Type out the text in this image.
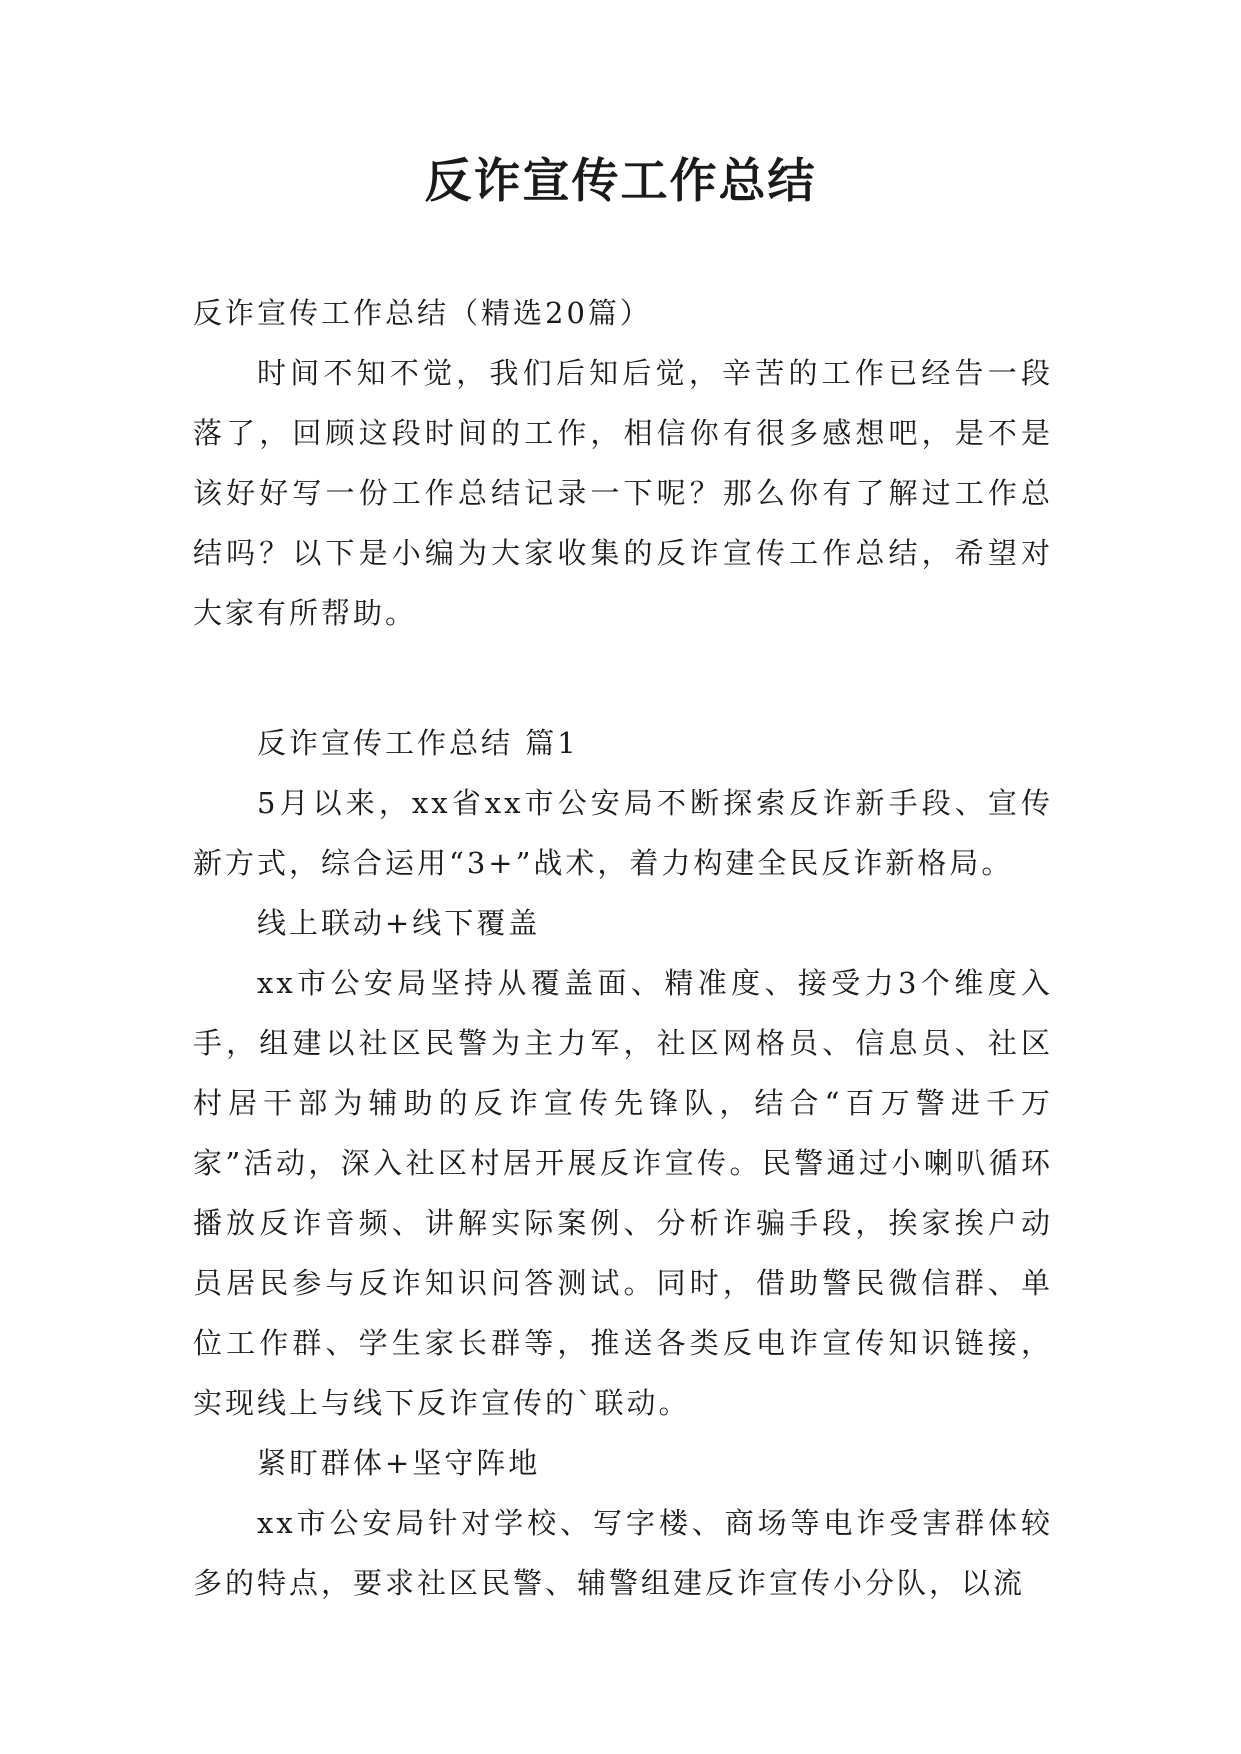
反诈宣传工作总结

反诈宣传工作总结（精选20篇）

时间不知不觉，我们后知后觉，辛苦的工作已经告一段落了，回顾这段时间的工作，相信你有很多感想吧，是不是该好好写一份工作总结记录一下呢？那么你有了解过工作总结吗？以下是小编为大家收集的反诈宣传工作总结，希望对大家有所帮助。

反诈宣传工作总结 篇1

5月以来，xx省xx市公安局不断探索反诈新手段、宣传新方式，综合运用“3+”战术，着力构建全民反诈新格局。

线上联动+线下覆盖

xx市公安局坚持从覆盖面、精准度、接受力3个维度入手，组建以社区民警为主力军，社区网格员、信息员、社区村居干部为辅助的反诈宣传先锋队，结合“百万警进千万家”活动，深入社区村居开展反诈宣传。民警通过小喇叭循环播放反诈音频、讲解实际案例、分析诈骗手段，挨家挨户动员居民参与反诈知识问答测试。同时，借助警民微信群、单位工作群、学生家长群等，推送各类反电诈宣传知识链接，实现线上与线下反诈宣传的`联动。

紧盯群体+坚守阵地

xx市公安局针对学校、写字楼、商场等电诈受害群体较多的特点，要求社区民警、辅警组建反诈宣传小分队，以流
